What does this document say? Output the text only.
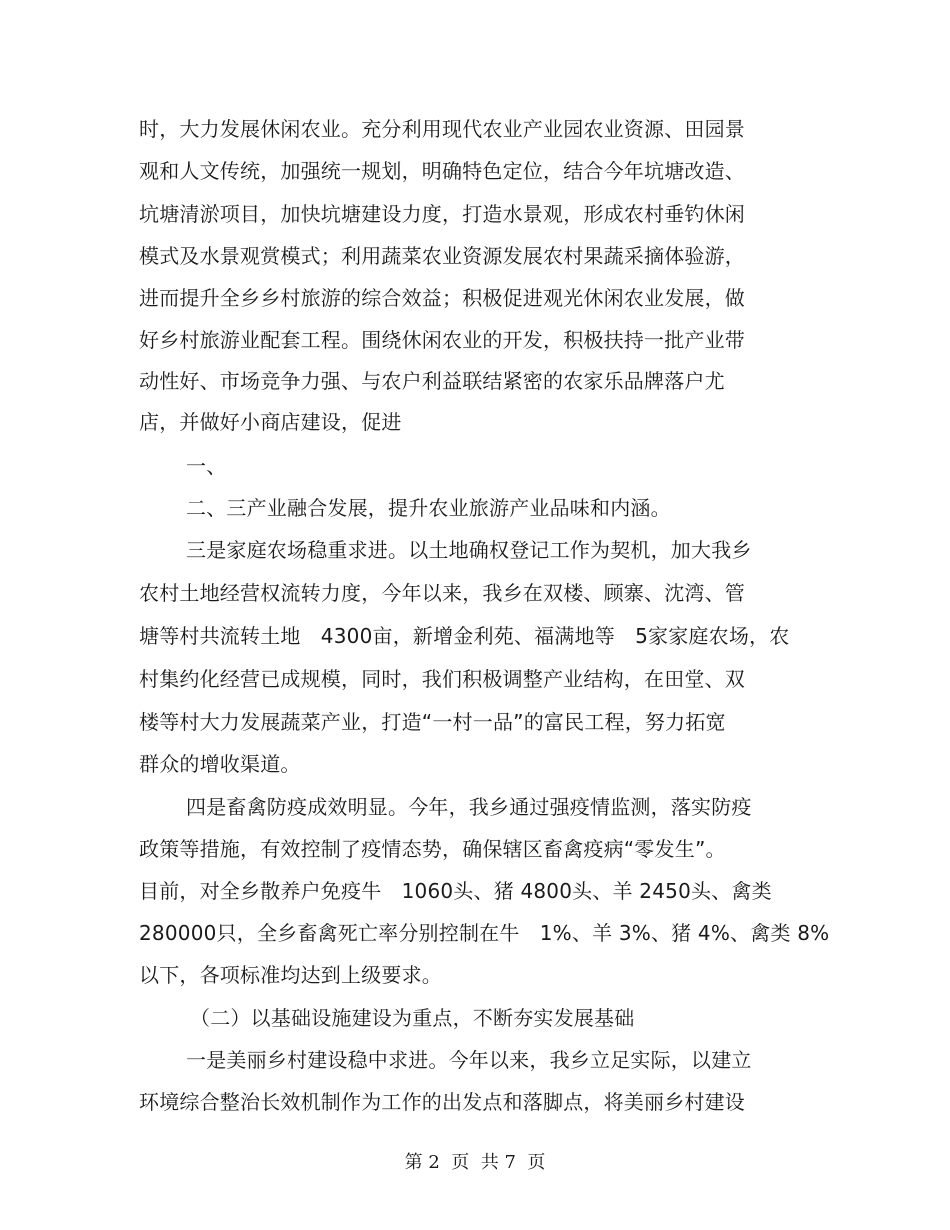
时，大力发展休闲农业。充分利用现代农业产业园农业资源、田园景
观和人文传统，加强统一规划，明确特色定位，结合今年坑塘改造、
坑塘清淤项目，加快坑塘建设力度，打造水景观，形成农村垂钓休闲
模式及水景观赏模式；利用蔬菜农业资源发展农村果蔬采摘体验游，
进而提升全乡乡村旅游的综合效益；积极促进观光休闲农业发展，做
好乡村旅游业配套工程。围绕休闲农业的开发，积极扶持一批产业带
动性好、市场竞争力强、与农户利益联结紧密的农家乐品牌落户尤
店，并做好小商店建设，促进
一、
二、三产业融合发展，提升农业旅游产业品味和内涵。
三是家庭农场稳重求进。以土地确权登记工作为契机，加大我乡
农村土地经营权流转力度，今年以来，我乡在双楼、顾寨、沈湾、管
塘等村共流转土地　4300亩，新增金利苑、福满地等　5家家庭农场，农
村集约化经营已成规模，同时，我们积极调整产业结构，在田堂、双
楼等村大力发展蔬菜产业，打造“一村一品”的富民工程，努力拓宽
群众的增收渠道。
四是畜禽防疫成效明显。今年，我乡通过强疫情监测，落实防疫
政策等措施，有效控制了疫情态势，确保辖区畜禽疫病“零发生”。
目前，对全乡散养户免疫牛　1060头、猪 4800头、羊 2450头、禽类
280000只，全乡畜禽死亡率分别控制在牛　1%、羊 3%、猪 4%、禽类 8%
以下，各项标准均达到上级要求。
（二）以基础设施建设为重点，不断夯实发展基础
一是美丽乡村建设稳中求进。今年以来，我乡立足实际，以建立
环境综合整治长效机制作为工作的出发点和落脚点，将美丽乡村建设
第 2  页  共 7  页
